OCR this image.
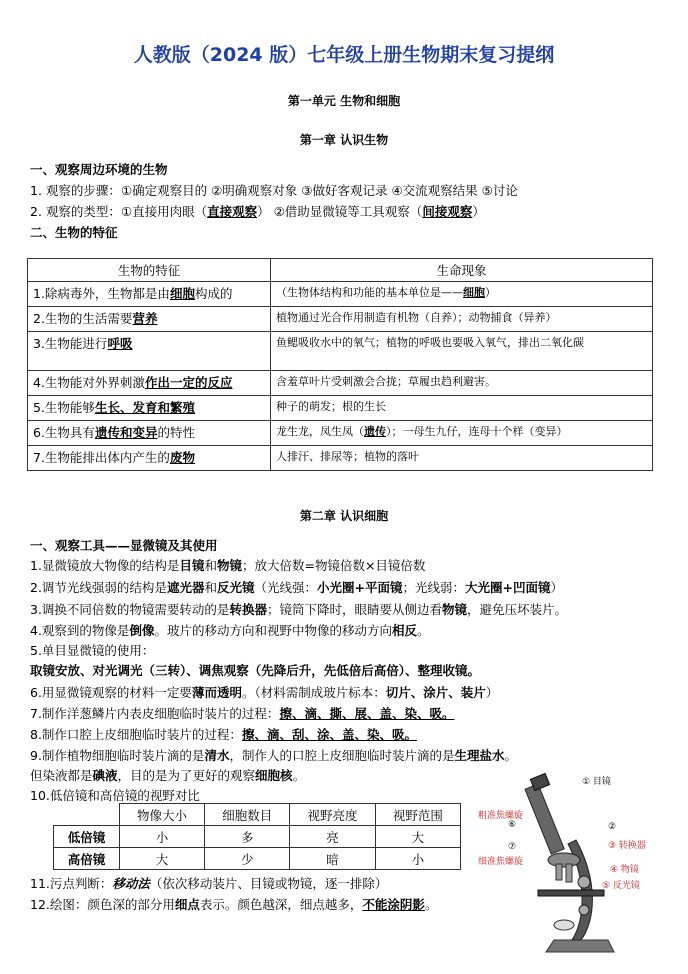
人教版（2024 版）七年级上册生物期末复习提纲
第一单元 生物和细胞
第一章 认识生物
一、观察周边环境的生物
1. 观察的步骤：①确定观察目的 ②明确观察对象 ③做好客观记录 ④交流观察结果 ⑤讨论
2. 观察的类型：①直接用肉眼（直接观察） ②借助显微镜等工具观察（间接观察）
二、生物的特征
生物的特征	生命现象
1.除病毒外，生物都是由细胞构成的	（生物体结构和功能的基本单位是——细胞）
2.生物的生活需要营养	植物通过光合作用制造有机物（自养）；动物捕食（异养）
3.生物能进行呼吸	鱼鳃吸收水中的氧气；植物的呼吸也要吸入氧气，排出二氧化碳
4.生物能对外界刺激作出一定的反应	含羞草叶片受刺激会合拢；草履虫趋利避害。
5.生物能够生长、发育和繁殖	种子的萌发；根的生长
6.生物具有遗传和变异的特性	龙生龙，凤生凤（遗传）；一母生九仔，连母十个样（变异）
7.生物能排出体内产生的废物	人排汗、排尿等；植物的落叶
第二章 认识细胞
一、观察工具——显微镜及其使用
1.显微镜放大物像的结构是目镜和物镜；放大倍数=物镜倍数×目镜倍数
2.调节光线强弱的结构是遮光器和反光镜（光线强：小光圈+平面镜；光线弱：大光圈+凹面镜）
3.调换不同倍数的物镜需要转动的是转换器；镜筒下降时，眼睛要从侧边看物镜，避免压坏装片。
4.观察到的物像是倒像。玻片的移动方向和视野中物像的移动方向相反。
5.单目显微镜的使用：
取镜安放、对光调光（三转）、调焦观察（先降后升，先低倍后高倍）、整理收镜。
6.用显微镜观察的材料一定要薄而透明。（材料需制成玻片标本：切片、涂片、装片）
7.制作洋葱鳞片内表皮细胞临时装片的过程：擦、滴、撕、展、盖、染、吸。
8.制作口腔上皮细胞临时装片的过程：擦、滴、刮、涂、盖、染、吸。
9.制作植物细胞临时装片滴的是清水，制作人的口腔上皮细胞临时装片滴的是生理盐水。
但染液都是碘液，目的是为了更好的观察细胞核。
10.低倍镜和高倍镜的视野对比
	物像大小	细胞数目	视野亮度	视野范围
低倍镜	小	多	亮	大
高倍镜	大	少	暗	小
11.污点判断：移动法（依次移动装片、目镜或物镜，逐一排除）
12.绘图：颜色深的部分用细点表示。颜色越深，细点越多，不能涂阴影。
① 目镜
粗准焦螺旋
⑥	②
③ 转换器
细准焦螺旋
⑦
④ 物镜
⑤ 反光镜
